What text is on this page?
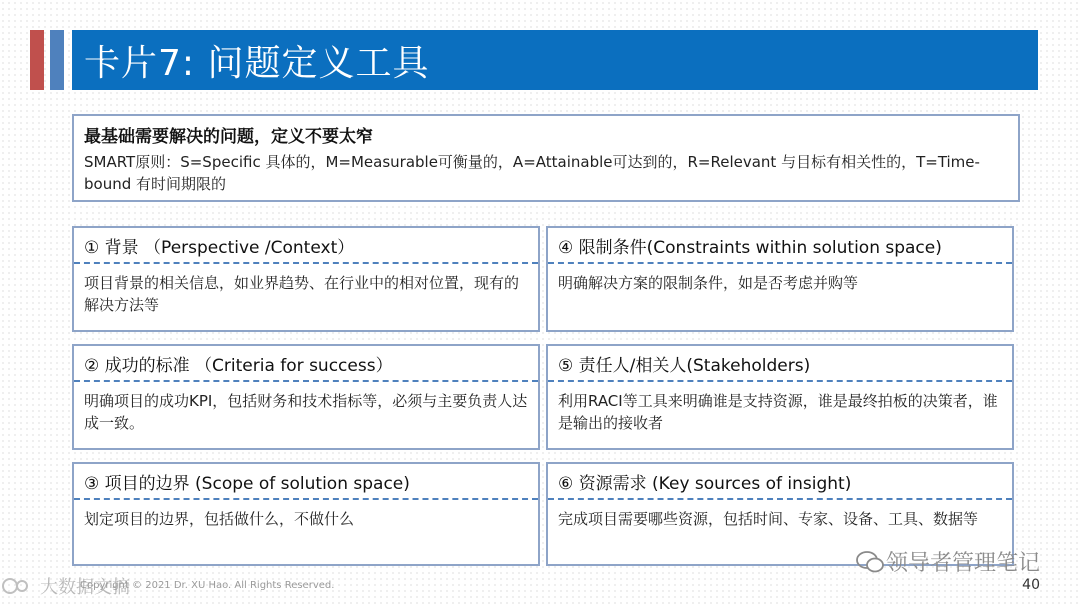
卡片7: 问题定义工具
最基础需要解决的问题，定义不要太窄
SMART原则：S=Specific 具体的，M=Measurable可衡量的，A=Attainable可达到的，R=Relevant 与目标有相关性的，T=Time-bound 有时间期限的
① 背景 （Perspective /Context）
项目背景的相关信息，如业界趋势、在行业中的相对位置，现有的解决方法等
④ 限制条件(Constraints within solution space)
明确解决方案的限制条件，如是否考虑并购等
② 成功的标准 （Criteria for success）
明确项目的成功KPI，包括财务和技术指标等，必须与主要负责人达成一致。
⑤ 责任人/相关人(Stakeholders)
利用RACI等工具来明确谁是支持资源，谁是最终拍板的决策者，谁是输出的接收者
③ 项目的边界 (Scope of solution space)
划定项目的边界，包括做什么，不做什么
⑥ 资源需求 (Key sources of insight)
完成项目需要哪些资源，包括时间、专家、设备、工具、数据等
大数据文摘
Copyright © 2021 Dr. XU Hao. All Rights Reserved.
领导者管理笔记
40
